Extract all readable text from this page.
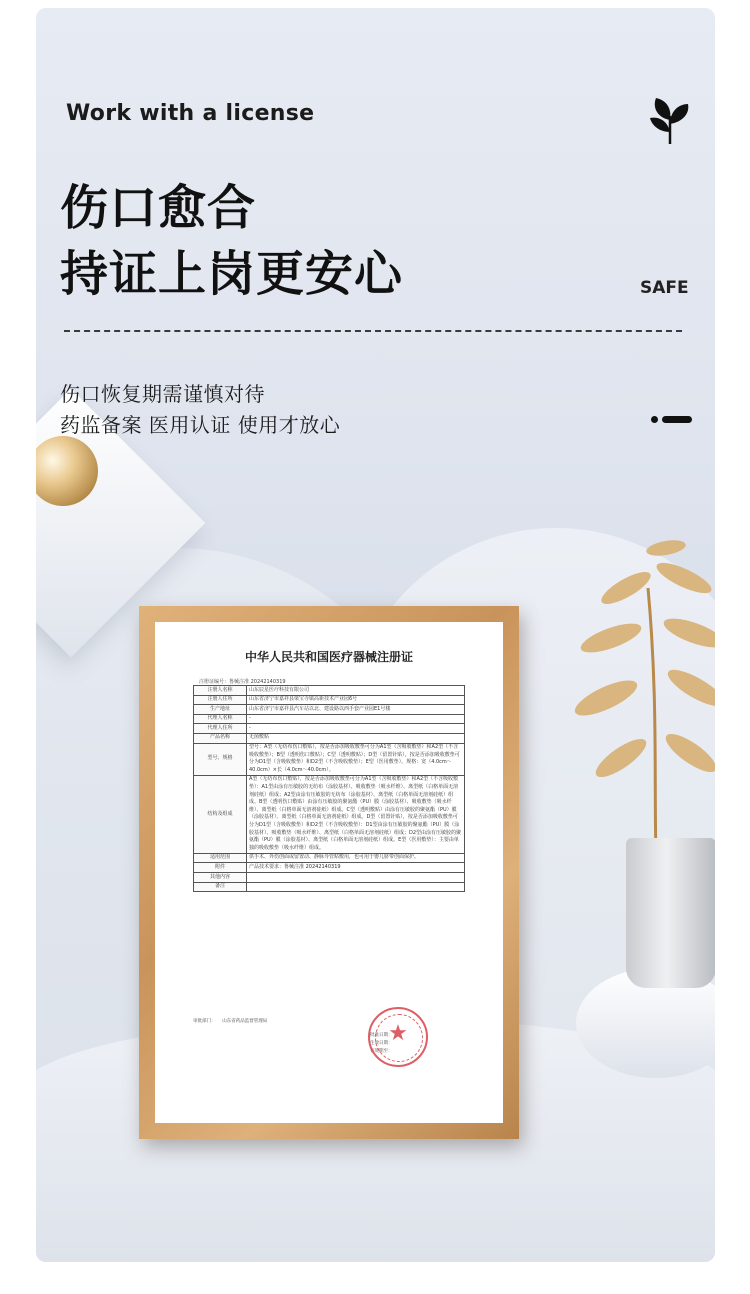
Work with a license
伤口愈合
持证上岗更安心	SAFE
伤口恢复期需谨慎对待
药监备案 医用认证 使用才放心
中华人民共和国医疗器械注册证
注册证编号：鲁械注准 20242140319
注册人名称	山东辰星医疗科技有限公司
注册人住所	山东省济宁市嘉祥县梁宝寺镇高新技术产业园6号
生产地址	山东省济宁市嘉祥县汽车站以北、建设路以西手套产业园E1号楼
代理人名称	-
代理人住所	-
产品名称	无菌敷贴
型号、规格	型号：A型（无纺布伤口敷贴），按是否添加吸收敷垫可分为A1型（含吸收敷垫）和A2型（不含吸收敷垫）；B型（透明伤口敷贴）；C型（透明敷贴）；D型（留置针贴），按是否添加吸收敷垫可分为D1型（含吸收敷垫）和D2型（不含吸收敷垫）；E型（医用敷垫）。规格：宽（4.0cm～40.0cm）×长（4.0cm～40.0cm）。
结构及组成	A型（无纺布伤口敷贴），按是否添加吸收敷垫可分为A1型（含吸收敷垫）和A2型（不含吸收敷垫）：A1型由涂有压敏胶的无纺布（涂胶基材）、吸收敷垫（吸水纤维）、离型纸（白格单面无溶剂硅纸）组成；A2型由涂有压敏胶的无纺布（涂胶基材）、离型纸（白格单面无溶剂硅纸）组成。B型（透明伤口敷贴）由涂有压敏胶的聚氨酯（PU）膜（涂胶基材）、吸收敷垫（吸水纤维）、离型纸（白格单面无溶剂硅纸）组成。C型（透明敷贴）由涂有压敏胶的聚氨酯（PU）膜（涂胶基材）、离型纸（白格单面无溶剂硅纸）组成。D型（留置针贴），按是否添加吸收敷垫可分为D1型（含吸收敷垫）和D2型（不含吸收敷垫）：D1型由涂有压敏胶的聚氨酯（PU）膜（涂胶基材）、吸收敷垫（吸水纤维）、离型纸（白格单面无溶剂硅纸）组成；D2型由涂有压敏胶的聚氨酯（PU）膜（涂胶基材）、离型纸（白格单面无溶剂硅纸）组成。E型（医用敷垫）：主要由单独的吸收敷垫（吸水纤维）组成。
适用范围	供手术、外伤创面或留置动、静脉导管贴敷用，也可用于婴儿脐带创面保护。
附件	产品技术要求：鲁械注准 20242140319
其他内容	
备注	
审批部门：　　山东省药品监督管理局
批准日期：
生效日期：
有效期至：
★
